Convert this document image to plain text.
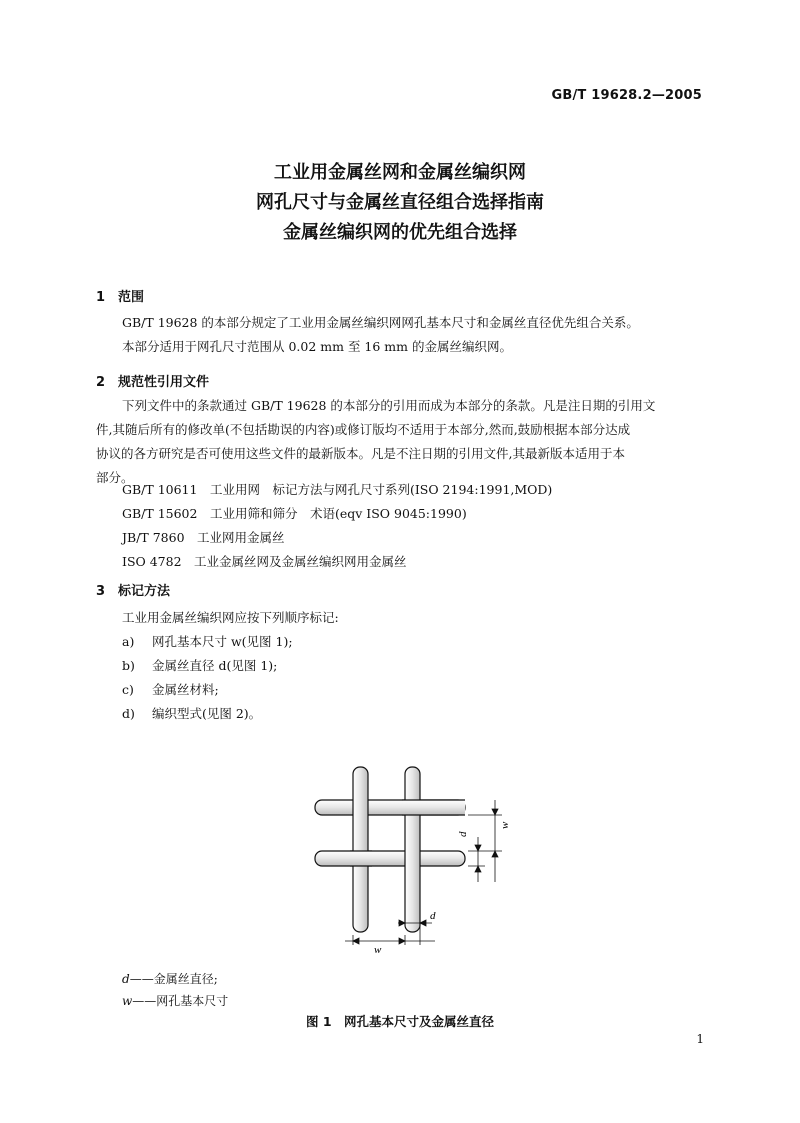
GB/T 19628.2—2005
工业用金属丝网和金属丝编织网
网孔尺寸与金属丝直径组合选择指南
金属丝编织网的优先组合选择
1 范围
GB/T 19628 的本部分规定了工业用金属丝编织网网孔基本尺寸和金属丝直径优先组合关系。
本部分适用于网孔尺寸范围从 0.02 mm 至 16 mm 的金属丝编织网。
2 规范性引用文件
下列文件中的条款通过 GB/T 19628 的本部分的引用而成为本部分的条款。凡是注日期的引用文
件,其随后所有的修改单(不包括勘误的内容)或修订版均不适用于本部分,然而,鼓励根据本部分达成
协议的各方研究是否可使用这些文件的最新版本。凡是不注日期的引用文件,其最新版本适用于本
部分。
GB/T 10611　工业用网　标记方法与网孔尺寸系列(ISO 2194:1991,MOD)
GB/T 15602　工业用筛和筛分　术语(eqv ISO 9045:1990)
JB/T 7860　工业网用金属丝
ISO 4782　工业金属丝网及金属丝编织网用金属丝
3 标记方法
工业用金属丝编织网应按下列顺序标记:
a) 网孔基本尺寸 w(见图 1);
b) 金属丝直径 d(见图 1);
c) 金属丝材料;
d) 编织型式(见图 2)。
d
w
d
w
d——金属丝直径;
w——网孔基本尺寸
图 1　网孔基本尺寸及金属丝直径
1
